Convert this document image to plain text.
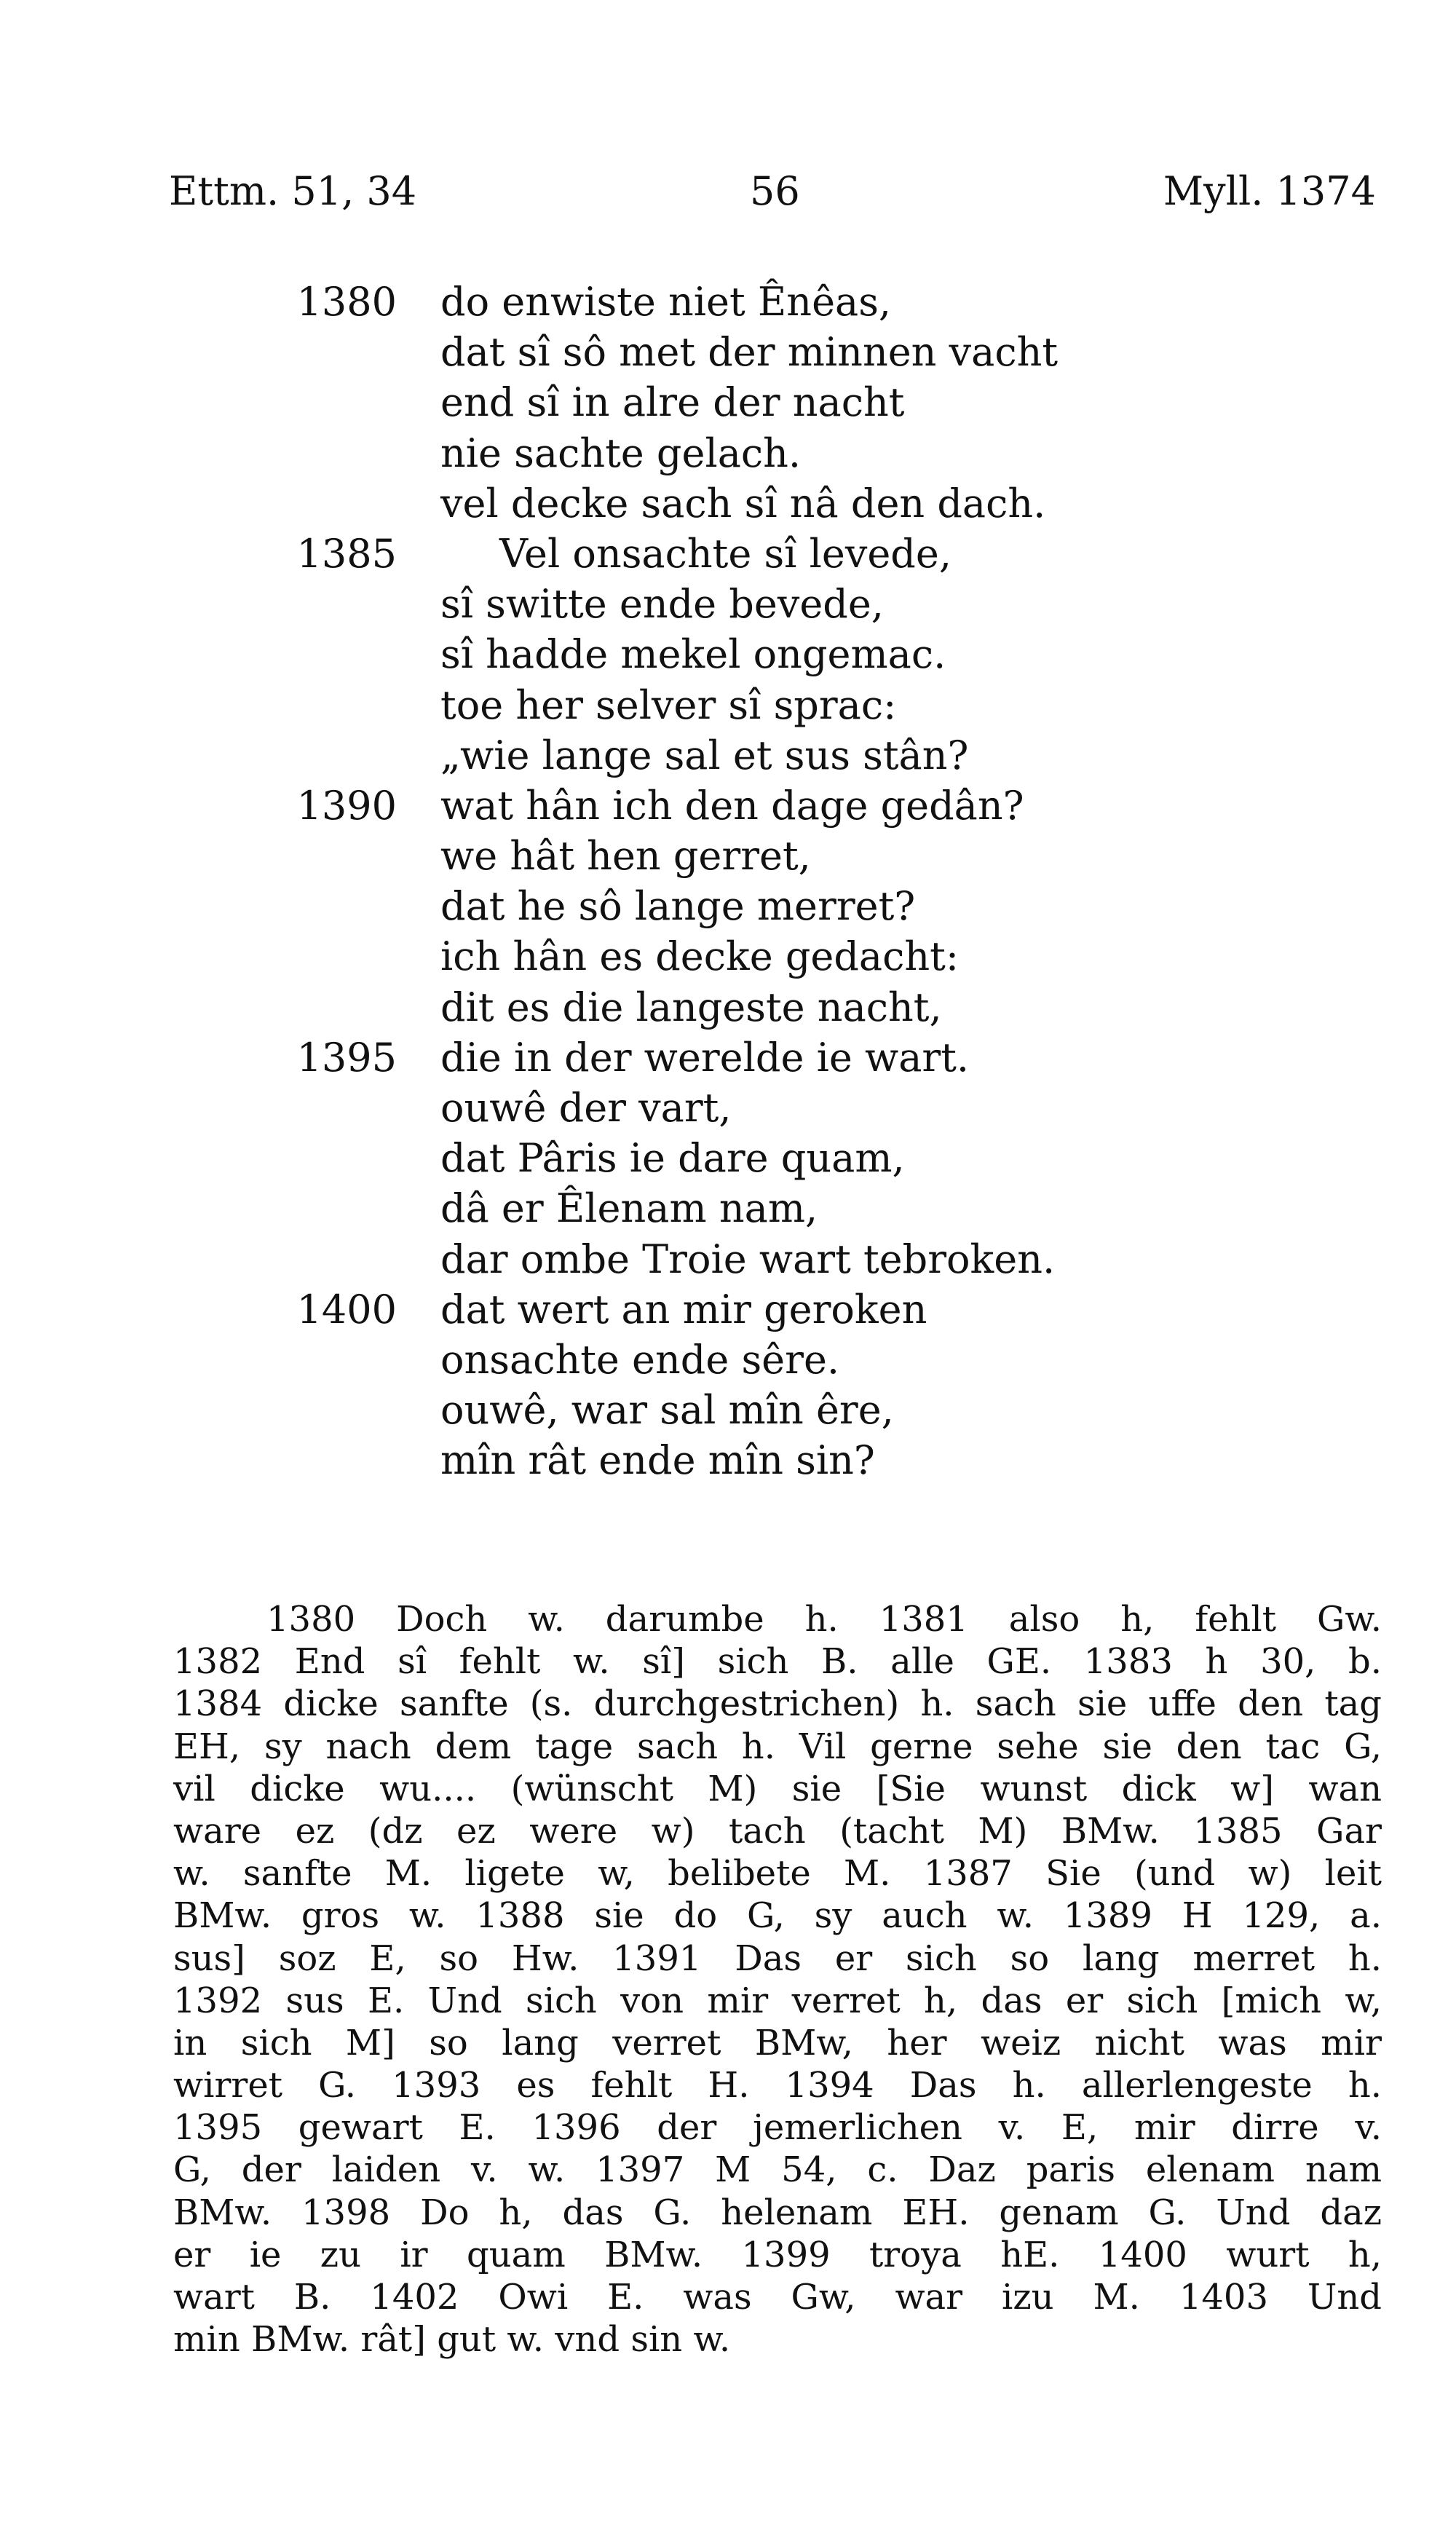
Ettm. 51, 34	56	Myll. 1374
1380 do enwiste niet Ênêas,
dat sî sô met der minnen vacht
end sî in alre der nacht
nie sachte gelach.
vel decke sach sî nâ den dach.
1385	Vel onsachte sî levede,
sî switte ende bevede,
sî hadde mekel ongemac.
toe her selver sî sprac:
„wie lange sal et sus stân?
1390 wat hân ich den dage gedân?
we hât hen gerret,
dat he sô lange merret?
ich hân es decke gedacht:
dit es die langeste nacht,
1395 die in der werelde ie wart.
ouwê der vart,
dat Pâris ie dare quam,
dâ er Êlenam nam,
dar ombe Troie wart tebroken.
1400 dat wert an mir geroken
onsachte ende sêre.
ouwê, war sal mîn êre,
mîn rât ende mîn sin?
1380 Doch w. darumbe h. 1381 also h, fehlt Gw.
1382 End sî fehlt w. sî] sich B. alle GE. 1383 h 30, b.
1384 dicke sanfte (s. durchgestrichen) h. sach sie uffe den tag
EH, sy nach dem tage sach h. Vil gerne sehe sie den tac G,
vil dicke wu.... (wünscht M) sie [Sie wunst dick w] wan
ware ez (dz ez were w) tach (tacht M) BMw. 1385 Gar
w. sanfte M. ligete w, belibete M. 1387 Sie (und w) leit
BMw. gros w. 1388 sie do G, sy auch w. 1389 H 129, a.
sus] soz E, so Hw. 1391 Das er sich so lang merret h.
1392 sus E. Und sich von mir verret h, das er sich [mich w,
in sich M] so lang verret BMw, her weiz nicht was mir
wirret G. 1393 es fehlt H. 1394 Das h. allerlengeste h.
1395 gewart E. 1396 der jemerlichen v. E, mir dirre v.
G, der laiden v. w. 1397 M 54, c. Daz paris elenam nam
BMw. 1398 Do h, das G. helenam EH. genam G. Und daz
er ie zu ir quam BMw. 1399 troya hE. 1400 wurt h,
wart B. 1402 Owi E. was Gw, war izu M. 1403 Und
min BMw. rât] gut w. vnd sin w.
